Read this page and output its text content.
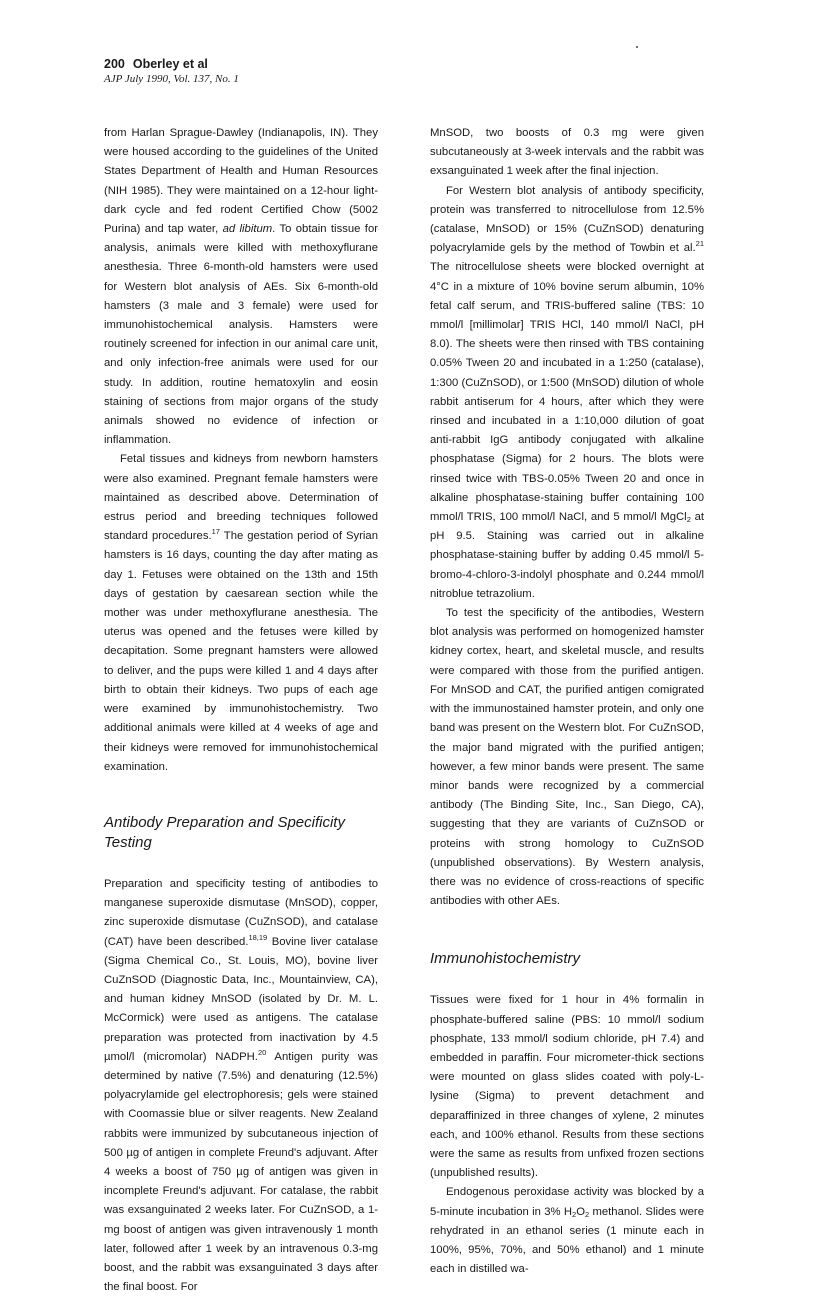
200 Oberley et al
AJP July 1990, Vol. 137, No. 1

from Harlan Sprague-Dawley (Indianapolis, IN). They were housed according to the guidelines of the United States Department of Health and Human Resources (NIH 1985). They were maintained on a 12-hour light-dark cycle and fed rodent Certified Chow (5002 Purina) and tap water, ad libitum. To obtain tissue for analysis, animals were killed with methoxyflurane anesthesia. Three 6-month-old hamsters were used for Western blot analysis of AEs. Six 6-month-old hamsters (3 male and 3 female) were used for immunohistochemical analysis. Hamsters were routinely screened for infection in our animal care unit, and only infection-free animals were used for our study. In addition, routine hematoxylin and eosin staining of sections from major organs of the study animals showed no evidence of infection or inflammation.

Fetal tissues and kidneys from newborn hamsters were also examined. Pregnant female hamsters were maintained as described above. Determination of estrus period and breeding techniques followed standard procedures.$^{17}$ The gestation period of Syrian hamsters is 16 days, counting the day after mating as day 1. Fetuses were obtained on the 13th and 15th days of gestation by caesarean section while the mother was under methoxyflurane anesthesia. The uterus was opened and the fetuses were killed by decapitation. Some pregnant hamsters were allowed to deliver, and the pups were killed 1 and 4 days after birth to obtain their kidneys. Two pups of each age were examined by immunohistochemistry. Two additional animals were killed at 4 weeks of age and their kidneys were removed for immunohistochemical examination.

Antibody Preparation and Specificity Testing

Preparation and specificity testing of antibodies to manganese superoxide dismutase (MnSOD), copper, zinc superoxide dismutase (CuZnSOD), and catalase (CAT) have been described.$^{18,19}$ Bovine liver catalase (Sigma Chemical Co., St. Louis, MO), bovine liver CuZnSOD (Diagnostic Data, Inc., Mountainview, CA), and human kidney MnSOD (isolated by Dr. M. L. McCormick) were used as antigens. The catalase preparation was protected from inactivation by 4.5 µmol/l (micromolar) NADPH.$^{20}$ Antigen purity was determined by native (7.5%) and denaturing (12.5%) polyacrylamide gel electrophoresis; gels were stained with Coomassie blue or silver reagents. New Zealand rabbits were immunized by subcutaneous injection of 500 µg of antigen in complete Freund's adjuvant. After 4 weeks a boost of 750 µg of antigen was given in incomplete Freund's adjuvant. For catalase, the rabbit was exsanguinated 2 weeks later. For CuZnSOD, a 1-mg boost of antigen was given intravenously 1 month later, followed after 1 week by an intravenous 0.3-mg boost, and the rabbit was exsanguinated 3 days after the final boost. For

MnSOD, two boosts of 0.3 mg were given subcutaneously at 3-week intervals and the rabbit was exsanguinated 1 week after the final injection.

For Western blot analysis of antibody specificity, protein was transferred to nitrocellulose from 12.5% (catalase, MnSOD) or 15% (CuZnSOD) denaturing polyacrylamide gels by the method of Towbin et al.$^{21}$ The nitrocellulose sheets were blocked overnight at 4°C in a mixture of 10% bovine serum albumin, 10% fetal calf serum, and TRIS-buffered saline (TBS: 10 mmol/l [millimolar] TRIS HCl, 140 mmol/l NaCl, pH 8.0). The sheets were then rinsed with TBS containing 0.05% Tween 20 and incubated in a 1:250 (catalase), 1:300 (CuZnSOD), or 1:500 (MnSOD) dilution of whole rabbit antiserum for 4 hours, after which they were rinsed and incubated in a 1:10,000 dilution of goat anti-rabbit IgG antibody conjugated with alkaline phosphatase (Sigma) for 2 hours. The blots were rinsed twice with TBS-0.05% Tween 20 and once in alkaline phosphatase-staining buffer containing 100 mmol/l TRIS, 100 mmol/l NaCl, and 5 mmol/l MgCl$_2$ at pH 9.5. Staining was carried out in alkaline phosphatase-staining buffer by adding 0.45 mmol/l 5-bromo-4-chloro-3-indolyl phosphate and 0.244 mmol/l nitroblue tetrazolium.

To test the specificity of the antibodies, Western blot analysis was performed on homogenized hamster kidney cortex, heart, and skeletal muscle, and results were compared with those from the purified antigen. For MnSOD and CAT, the purified antigen comigrated with the immunostained hamster protein, and only one band was present on the Western blot. For CuZnSOD, the major band migrated with the purified antigen; however, a few minor bands were present. The same minor bands were recognized by a commercial antibody (The Binding Site, Inc., San Diego, CA), suggesting that they are variants of CuZnSOD or proteins with strong homology to CuZnSOD (unpublished observations). By Western analysis, there was no evidence of cross-reactions of specific antibodies with other AEs.

Immunohistochemistry

Tissues were fixed for 1 hour in 4% formalin in phosphate-buffered saline (PBS: 10 mmol/l sodium phosphate, 133 mmol/l sodium chloride, pH 7.4) and embedded in paraffin. Four micrometer-thick sections were mounted on glass slides coated with poly-L-lysine (Sigma) to prevent detachment and deparaffinized in three changes of xylene, 2 minutes each, and 100% ethanol. Results from these sections were the same as results from unfixed frozen sections (unpublished results).

Endogenous peroxidase activity was blocked by a 5-minute incubation in 3% $H_2O_2$ methanol. Slides were rehydrated in an ethanol series (1 minute each in 100%, 95%, 70%, and 50% ethanol) and 1 minute each in distilled wa-
